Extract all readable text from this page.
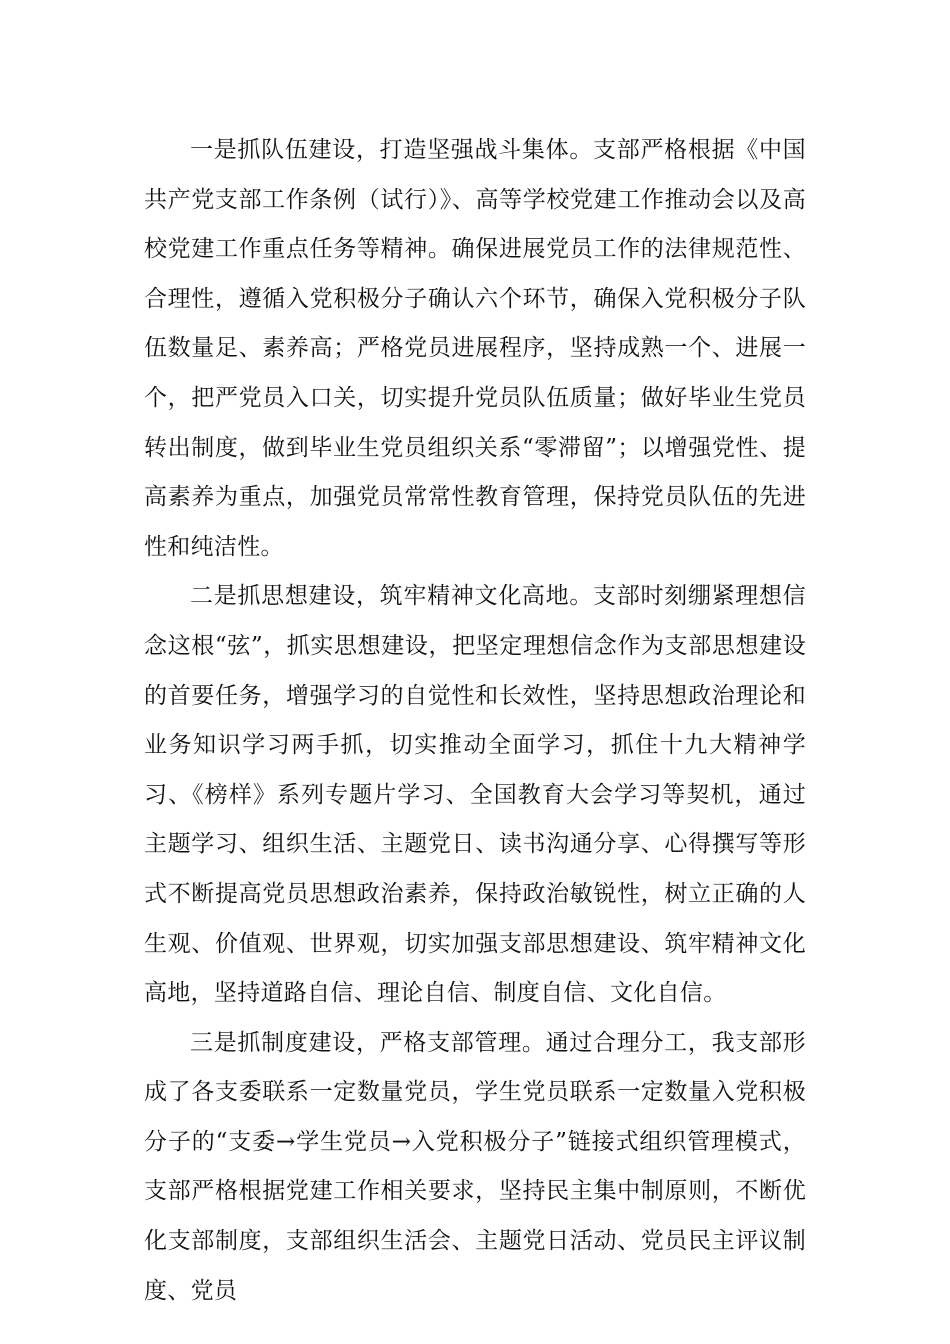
一是抓队伍建设，打造坚强战斗集体。支部严格根据《中国共产党支部工作条例（试行）》、高等学校党建工作推动会以及高校党建工作重点任务等精神。确保进展党员工作的法律规范性、合理性，遵循入党积极分子确认六个环节，确保入党积极分子队伍数量足、素养高；严格党员进展程序，坚持成熟一个、进展一个，把严党员入口关，切实提升党员队伍质量；做好毕业生党员转出制度，做到毕业生党员组织关系“零滞留”；以增强党性、提高素养为重点，加强党员常常性教育管理，保持党员队伍的先进性和纯洁性。

二是抓思想建设，筑牢精神文化高地。支部时刻绷紧理想信念这根“弦”，抓实思想建设，把坚定理想信念作为支部思想建设的首要任务，增强学习的自觉性和长效性，坚持思想政治理论和业务知识学习两手抓，切实推动全面学习，抓住十九大精神学习、《榜样》系列专题片学习、全国教育大会学习等契机，通过主题学习、组织生活、主题党日、读书沟通分享、心得撰写等形式不断提高党员思想政治素养，保持政治敏锐性，树立正确的人生观、价值观、世界观，切实加强支部思想建设、筑牢精神文化高地，坚持道路自信、理论自信、制度自信、文化自信。

三是抓制度建设，严格支部管理。通过合理分工，我支部形成了各支委联系一定数量党员，学生党员联系一定数量入党积极分子的“支委→学生党员→入党积极分子”链接式组织管理模式，支部严格根据党建工作相关要求，坚持民主集中制原则，不断优化支部制度，支部组织生活会、主题党日活动、党员民主评议制度、党员
